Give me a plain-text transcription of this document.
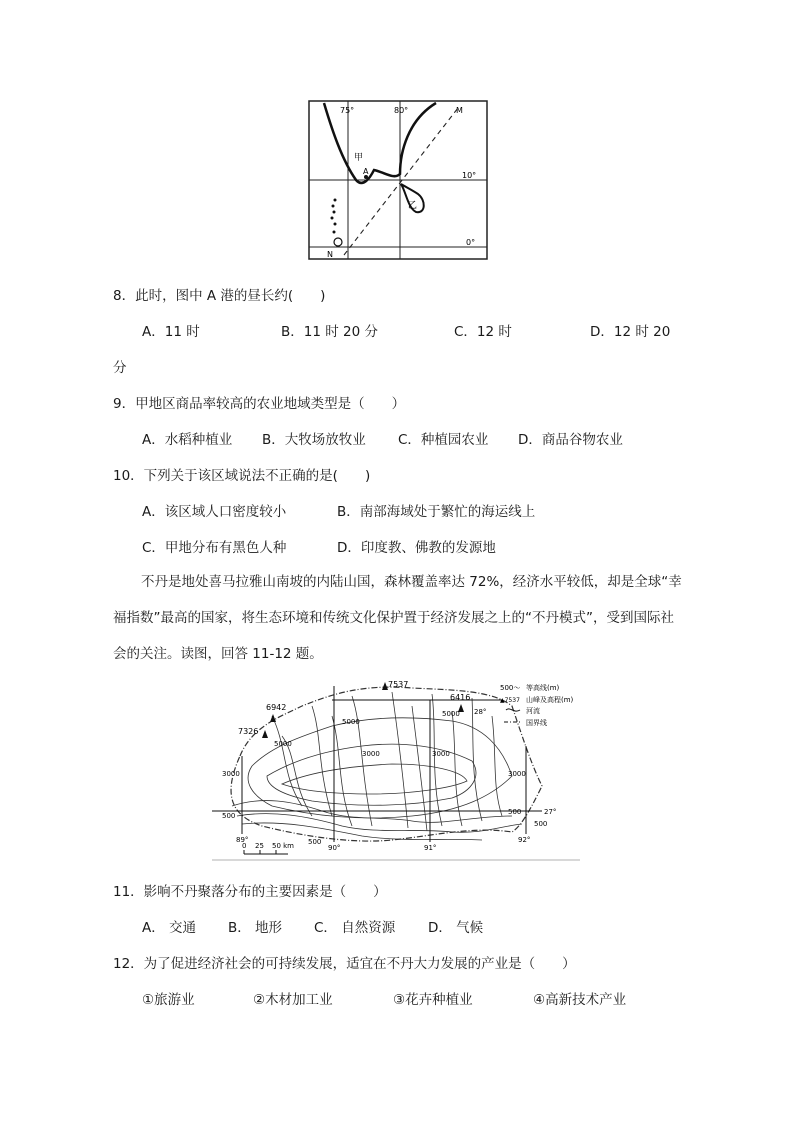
75°	80°
10°
0°
M
N
A
甲
乙
8．此时，图中 A 港的昼长约(　　)
A．11 时	B．11 时 20 分	C．12 时	D．12 时 20
分
9．甲地区商品率较高的农业地域类型是（　　）
A．水稻种植业 B．大牧场放牧业 C．种植园农业 D．商品谷物农业
10．下列关于该区域说法不正确的是(　　)
A．该区域人口密度较小	B．南部海域处于繁忙的海运线上
C．甲地分布有黑色人种	D．印度教、佛教的发源地
不丹是地处喜马拉雅山南坡的内陆山国，森林覆盖率达 72%，经济水平较低，却是全球“幸福指数”最高的国家，将生态环境和传统文化保护置于经济发展之上的“不丹模式”，受到国际社会的关注。读图，回答 11-12 题。
7537
6416
6942
7326
5000
5000
5000
3000
3000	3000
3000
500
500
500
500
28°
27°
89°
90°	91°
92°
0 25 50 km
500～ 等高线(m)
▲7537 山峰及高程(m)
河流
国界线
11．影响不丹聚落分布的主要因素是（　　）
A． 交通 B． 地形 C． 自然资源 D． 气候
12．为了促进经济社会的可持续发展，适宜在不丹大力发展的产业是（　　）
①旅游业	②木材加工业	③花卉种植业	④高新技术产业
